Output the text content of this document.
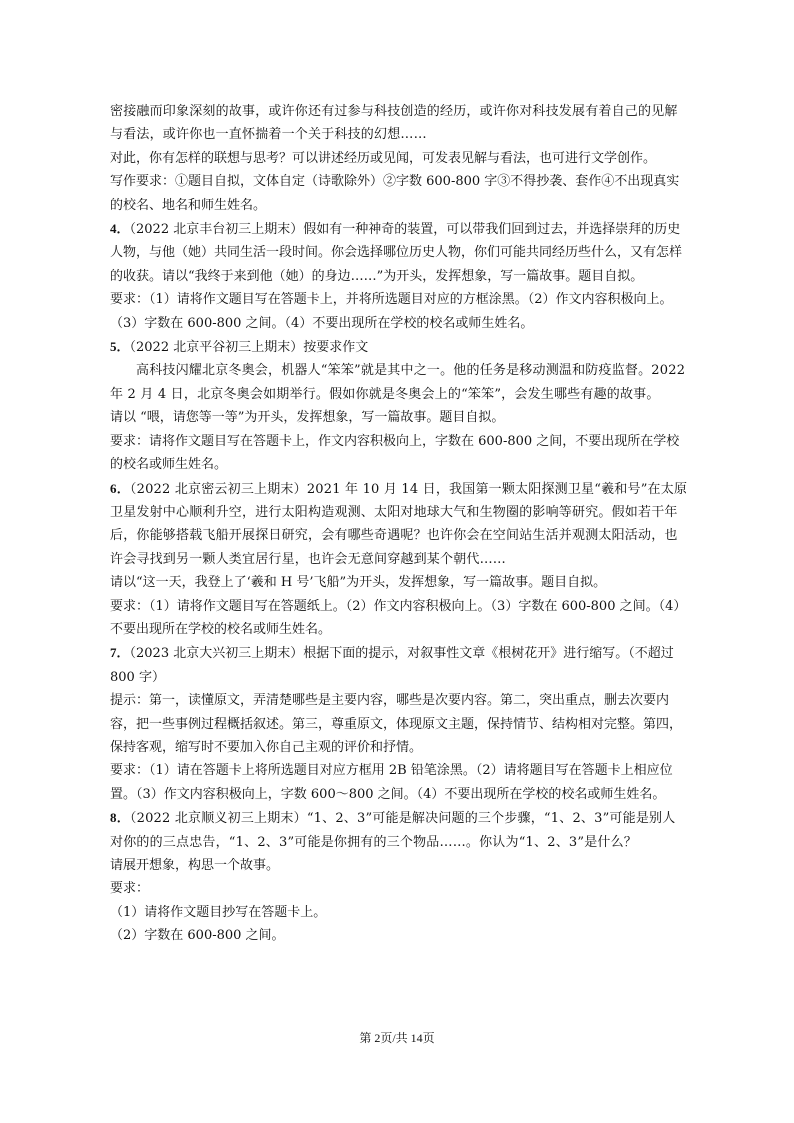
密接融而印象深刻的故事，或许你还有过参与科技创造的经历，或许你对科技发展有着自己的见解与看法，或许你也一直怀揣着一个关于科技的幻想……

对此，你有怎样的联想与思考？可以讲述经历或见闻，可发表见解与看法，也可进行文学创作。

写作要求：①题目自拟，文体自定（诗歌除外）②字数 600-800 字③不得抄袭、套作④不出现真实的校名、地名和师生姓名。

4．（2022 北京丰台初三上期末）假如有一种神奇的装置，可以带我们回到过去，并选择崇拜的历史人物，与他（她）共同生活一段时间。你会选择哪位历史人物，你们可能共同经历些什么，又有怎样的收获。请以“我终于来到他（她）的身边……”为开头，发挥想象，写一篇故事。题目自拟。

要求：（1）请将作文题目写在答题卡上，并将所选题目对应的方框涂黑。（2）作文内容积极向上。（3）字数在 600-800 之间。（4）不要出现所在学校的校名或师生姓名。

5．（2022 北京平谷初三上期末）按要求作文

高科技闪耀北京冬奥会，机器人“笨笨”就是其中之一。他的任务是移动测温和防疫监督。2022 年 2 月 4 日，北京冬奥会如期举行。假如你就是冬奥会上的“笨笨”，会发生哪些有趣的故事。

请以 “喂，请您等一等”为开头，发挥想象，写一篇故事。题目自拟。

要求：请将作文题目写在答题卡上，作文内容积极向上，字数在 600-800 之间，不要出现所在学校的校名或师生姓名。

6．（2022 北京密云初三上期末）2021 年 10 月 14 日，我国第一颗太阳探测卫星“羲和号”在太原卫星发射中心顺利升空，进行太阳构造观测、太阳对地球大气和生物圈的影响等研究。假如若干年后，你能够搭载飞船开展探日研究，会有哪些奇遇呢？也许你会在空间站生活并观测太阳活动，也许会寻找到另一颗人类宜居行星，也许会无意间穿越到某个朝代……

请以“这一天，我登上了‘羲和 H 号’飞船”为开头，发挥想象，写一篇故事。题目自拟。

要求：（1）请将作文题目写在答题纸上。（2）作文内容积极向上。（3）字数在 600-800 之间。（4）不要出现所在学校的校名或师生姓名。

7．（2023 北京大兴初三上期末）根据下面的提示，对叙事性文章《根树花开》进行缩写。（不超过 800 字）

提示：第一，读懂原文，弄清楚哪些是主要内容，哪些是次要内容。第二，突出重点，删去次要内容，把一些事例过程概括叙述。第三，尊重原文，体现原文主题，保持情节、结构相对完整。第四，保持客观，缩写时不要加入你自己主观的评价和抒情。

要求：（1）请在答题卡上将所选题目对应方框用 2B 铅笔涂黑。（2）请将题目写在答题卡上相应位置。（3）作文内容积极向上，字数 600～800 之间。（4）不要出现所在学校的校名或师生姓名。

8．（2022 北京顺义初三上期末）“1、2、3”可能是解决问题的三个步骤，“1、2、3”可能是别人对你的的三点忠告，“1、2、3”可能是你拥有的三个物品……。你认为“1、2、3”是什么？

请展开想象，构思一个故事。

要求：

（1）请将作文题目抄写在答题卡上。

（2）字数在 600-800 之间。

第 2页/共 14页
